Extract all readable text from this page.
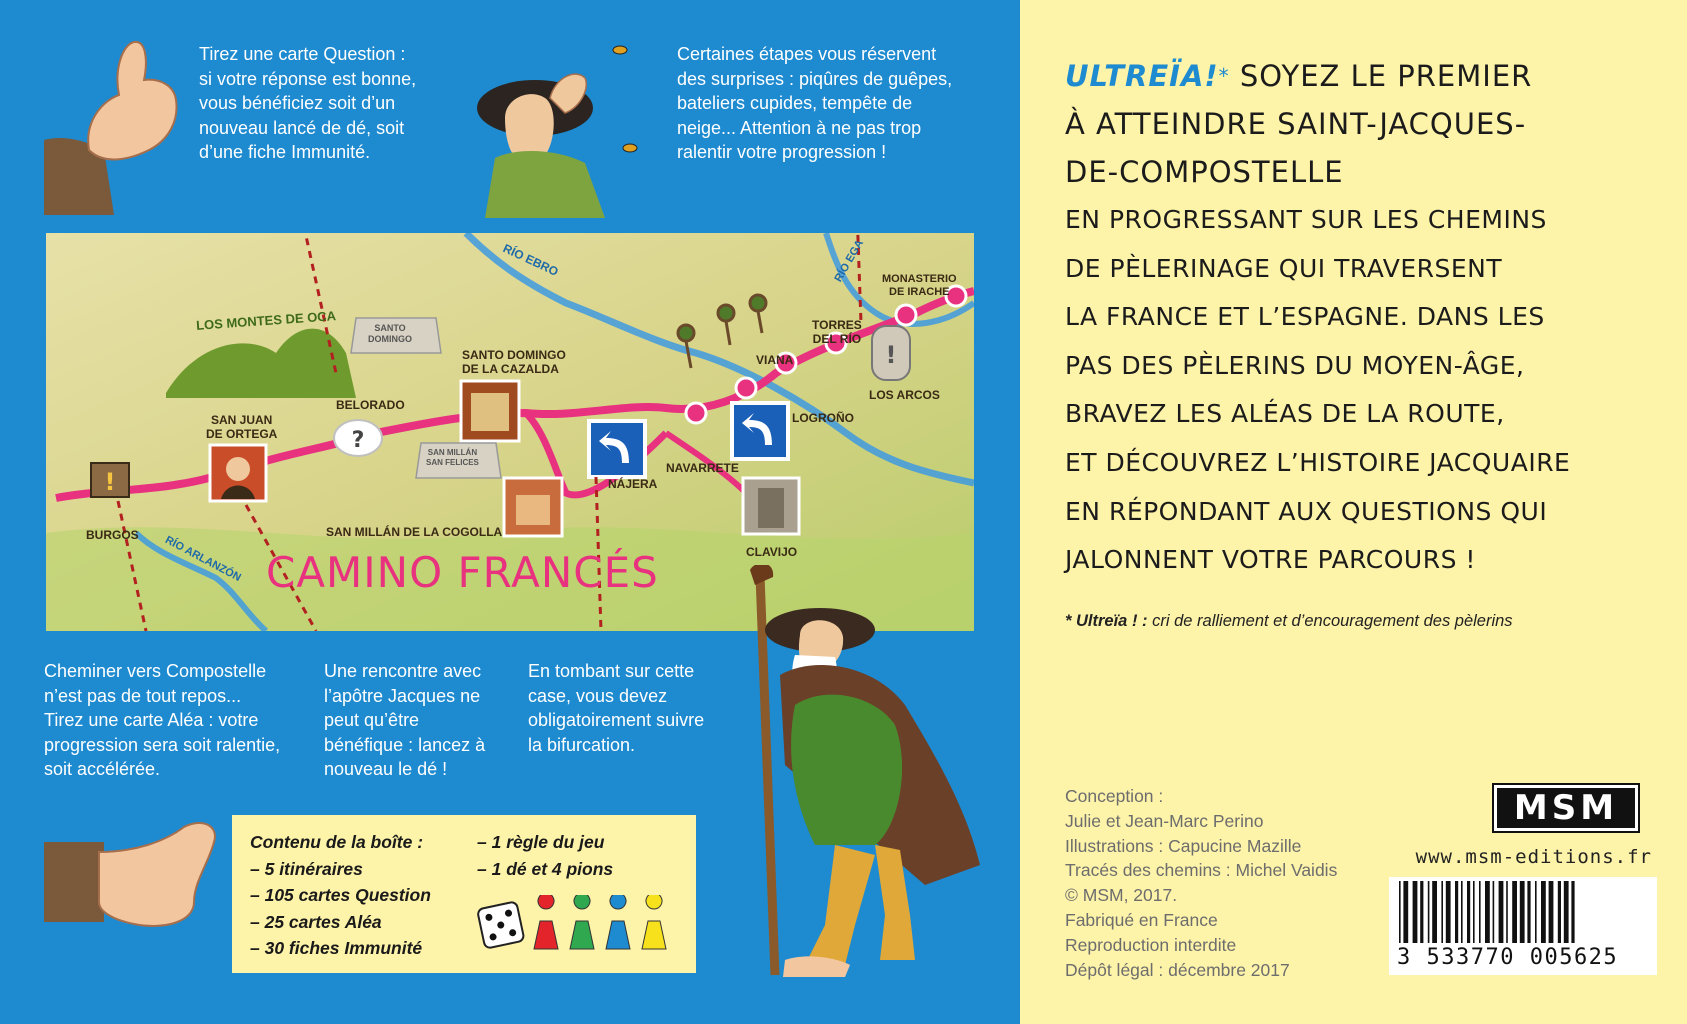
Tirez une carte Question :
si votre réponse est bonne,
vous bénéficiez soit d’un
nouveau lancé de dé, soit
d’une fiche Immunité.
Certaines étapes vous réservent
des surprises : piqûres de guêpes,
bateliers cupides, tempête de
neige... Attention à ne pas trop
ralentir votre progression !
!
?
!
CAMINO FRANCÉS
LOS MONTES DE OCA
RÍO EBRO
RÍO ARLANZÓN
RÍO EGA
BURGOS
SAN JUAN
DE ORTEGA
BELORADO
SANTO
DOMINGO
SANTO DOMINGO
DE LA CAZALDA
SAN MILLÁN
SAN FELICES
SAN MILLÁN DE LA COGOLLA
NÁJERA
NAVARRETE
LOGROÑO
VIANA
TORRES
DEL RÍO
MONASTERIO
DE IRACHE
LOS ARCOS
CLAVIJO
Cheminer vers Compostelle
n’est pas de tout repos...
Tirez une carte Aléa : votre
progression sera soit ralentie,
soit accélérée.
Une rencontre avec
l’apôtre Jacques ne
peut qu’être
bénéfique : lancez à
nouveau le dé !
En tombant sur cette
case, vous devez
obligatoirement suivre
la bifurcation.
Contenu de la boîte :
– 5 itinéraires
– 105 cartes Question
– 25 cartes Aléa
– 30 fiches Immunité
– 1 règle du jeu
– 1 dé et 4 pions
ULTREÏA!* SOYEZ LE PREMIER
À ATTEINDRE SAINT-JACQUES-
DE-COMPOSTELLE
EN PROGRESSANT SUR LES CHEMINS
DE PÈLERINAGE QUI TRAVERSENT
LA FRANCE ET L’ESPAGNE. DANS LES
PAS DES PÈLERINS DU MOYEN-ÂGE,
BRAVEZ LES ALÉAS DE LA ROUTE,
ET DÉCOUVREZ L’HISTOIRE JACQUAIRE
EN RÉPONDANT AUX QUESTIONS QUI
JALONNENT VOTRE PARCOURS !
* Ultreïa ! : cri de ralliement et d’encouragement des pèlerins
Conception :
Julie et Jean-Marc Perino
Illustrations : Capucine Mazille
Tracés des chemins : Michel Vaidis
© MSM, 2017.
Fabriqué en France
Reproduction interdite
Dépôt légal : décembre 2017
MSM
www.msm-editions.fr
3 533770 005625
